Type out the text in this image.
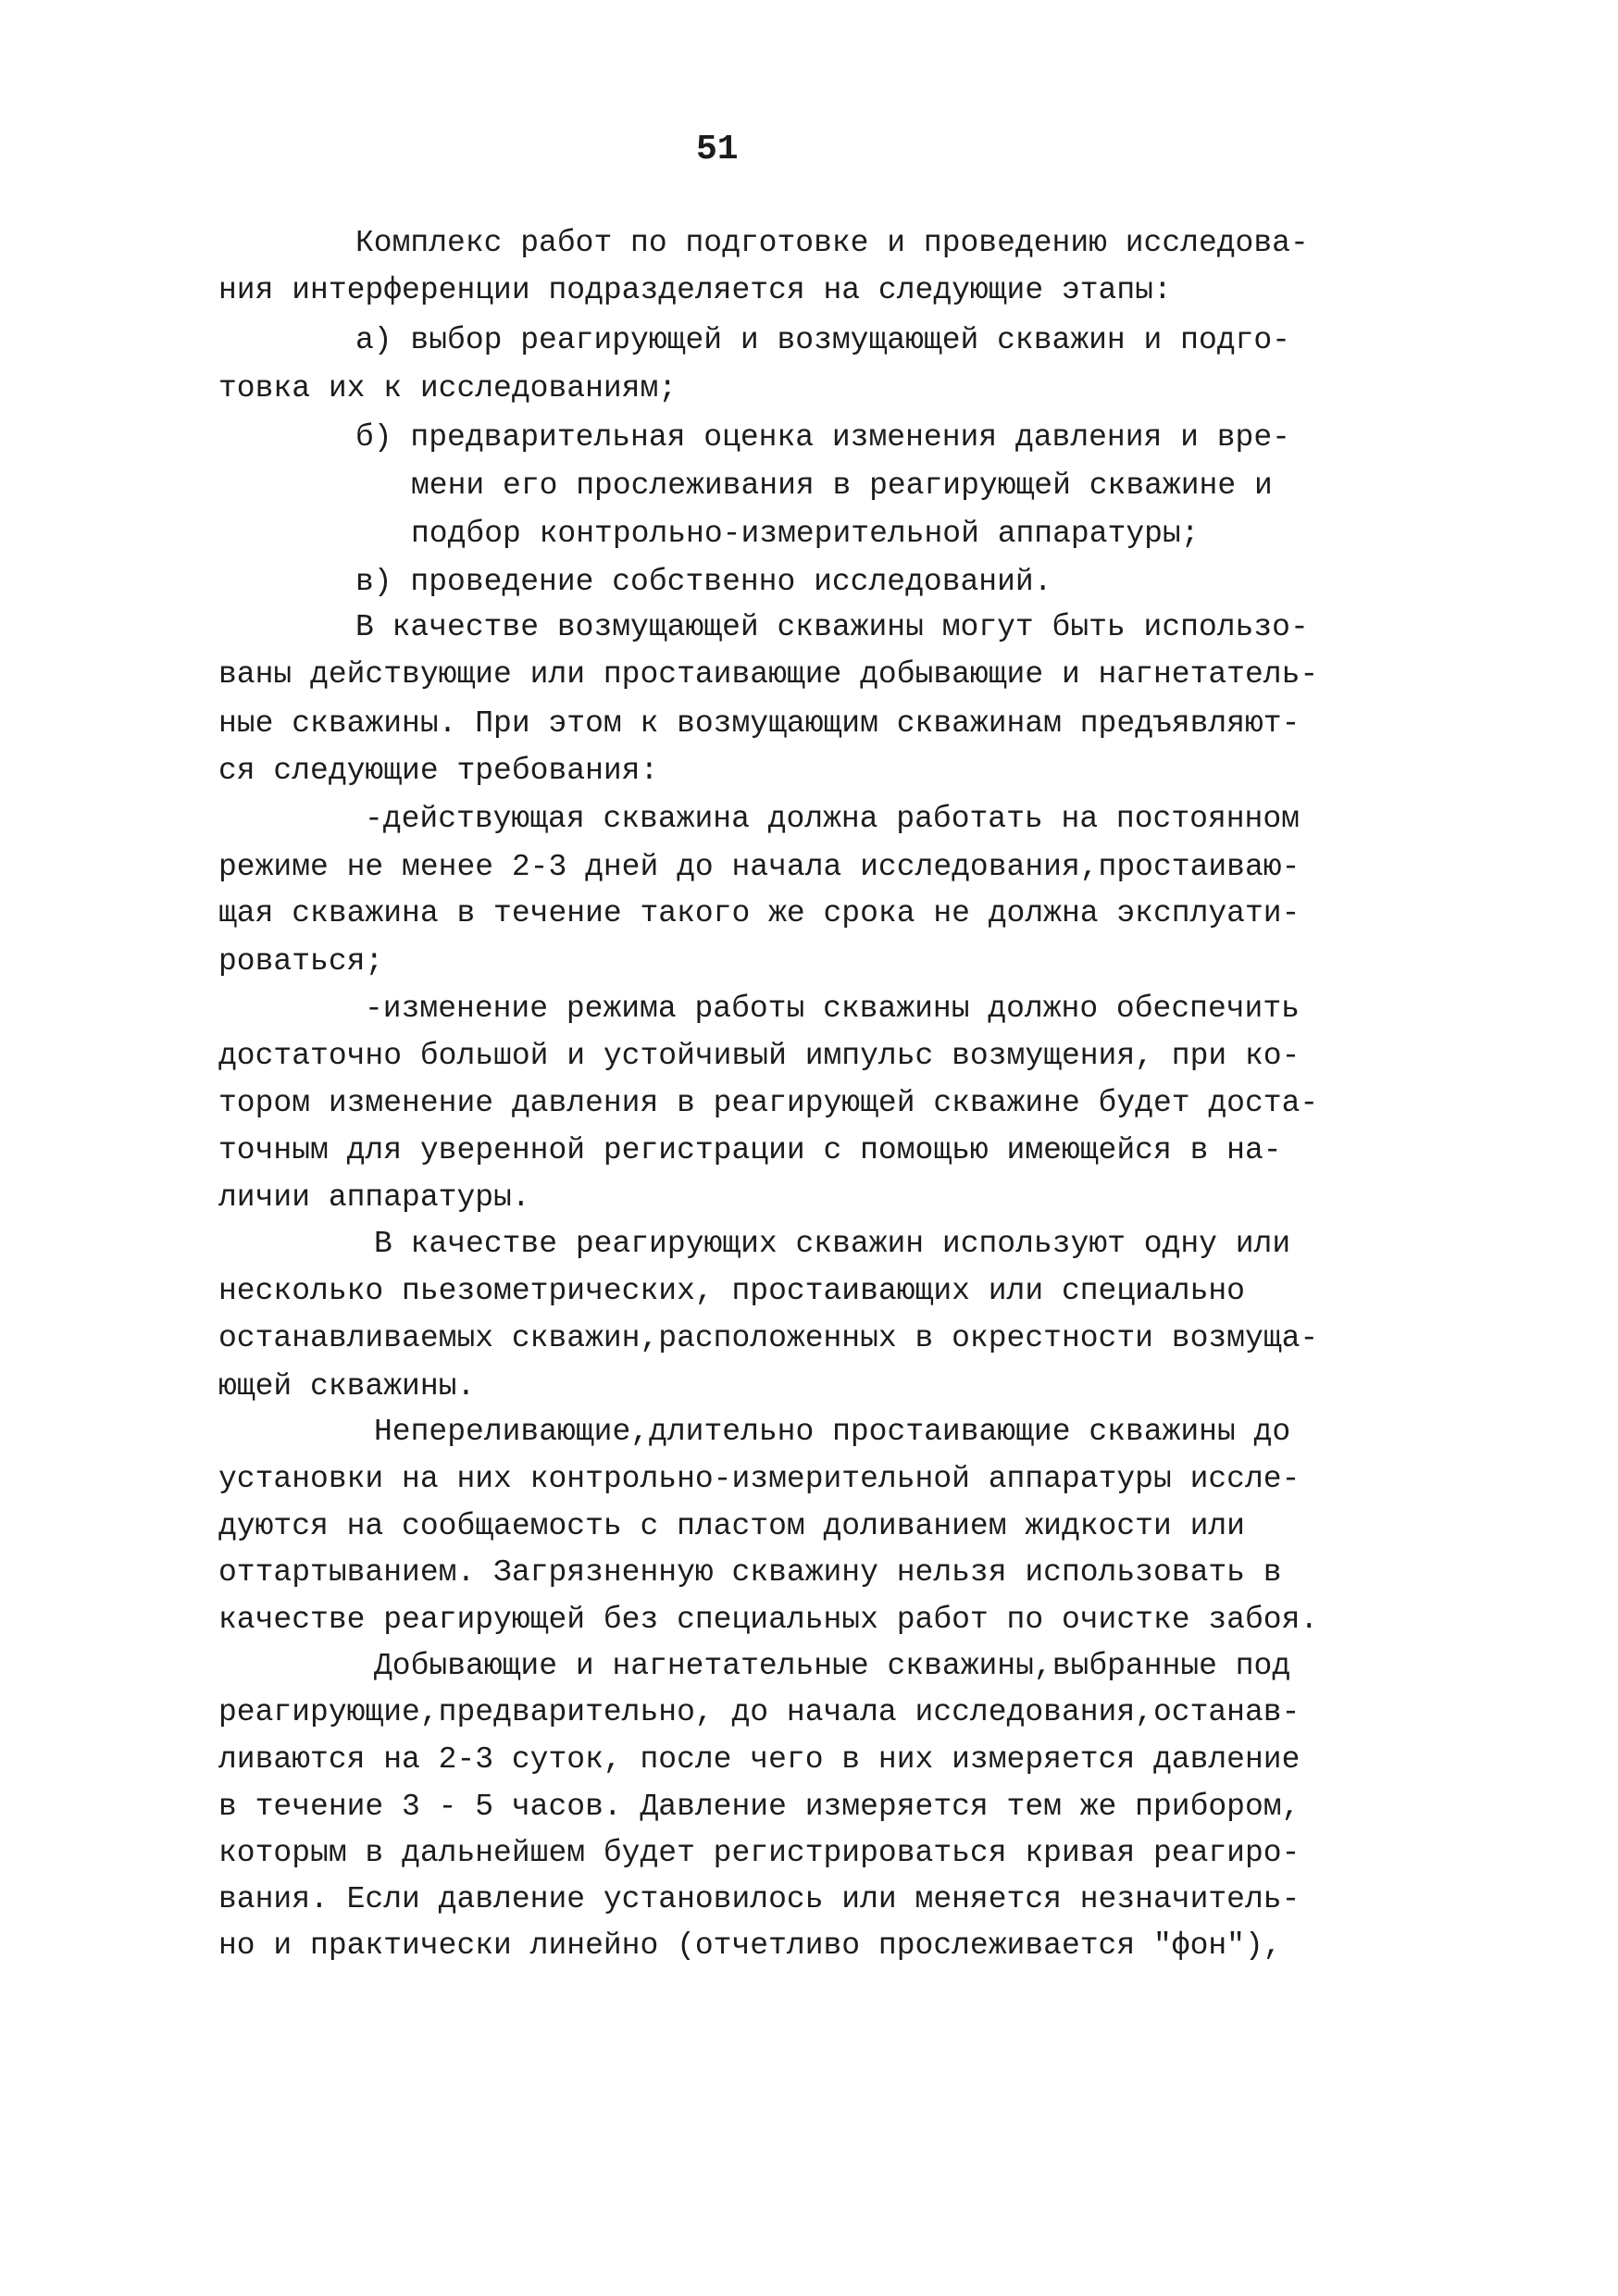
51
Комплекс работ по подготовке и проведению исследова-
ния интерференции подразделяется на следующие этапы:
а) выбор реагирующей и возмущающей скважин и подго-
товка их к исследованиям;
б) предварительная оценка изменения давления и вре-
мени его прослеживания в реагирующей скважине и
подбор контрольно-измерительной аппаратуры;
в) проведение собственно исследований.
В качестве возмущающей скважины могут быть использо-
ваны действующие или простаивающие добывающие и нагнетатель-
ные скважины. При этом к возмущающим скважинам предъявляют-
ся следующие требования:
-действующая скважина должна работать на постоянном
режиме не менее 2-3 дней до начала исследования,простаиваю-
щая скважина в течение такого же срока не должна эксплуати-
роваться;
-изменение режима работы скважины должно обеспечить
достаточно большой и устойчивый импульс возмущения, при ко-
тором изменение давления в реагирующей скважине будет доста-
точным для уверенной регистрации с помощью имеющейся в на-
личии аппаратуры.
В качестве реагирующих скважин используют одну или
несколько пьезометрических, простаивающих или специально
останавливаемых скважин,расположенных в окрестности возмуща-
ющей скважины.
Непереливающие,длительно простаивающие скважины до
установки на них контрольно-измерительной аппаратуры иссле-
дуются на сообщаемость с пластом доливанием жидкости или
оттартыванием. Загрязненную скважину нельзя использовать в
качестве реагирующей без специальных работ по очистке забоя.
Добывающие и нагнетательные скважины,выбранные под
реагирующие,предварительно, до начала исследования,останав-
ливаются на 2-3 суток, после чего в них измеряется давление
в течение 3 - 5 часов. Давление измеряется тем же прибором,
которым в дальнейшем будет регистрироваться кривая реагиро-
вания. Если давление установилось или меняется незначитель-
но и практически линейно (отчетливо прослеживается "фон"),
